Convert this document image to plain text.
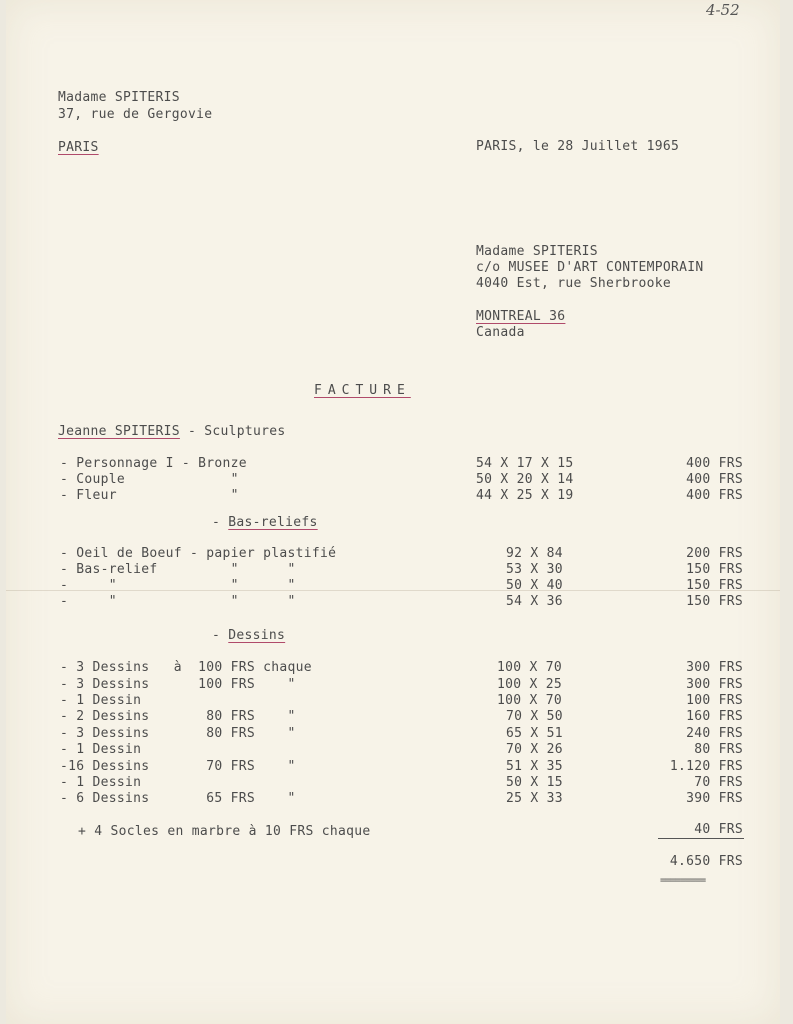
4-52
Madame SPITERIS
37, rue de Gergovie
PARIS	PARIS, le 28 Juillet 1965
Madame SPITERIS
c/o MUSEE D'ART CONTEMPORAIN
4040 Est, rue Sherbrooke
MONTREAL 36
Canada
FACTURE
Jeanne SPITERIS - Sculptures
- Personnage I - Bronze	54 X 17 X 15	400 FRS
- Couple             "	50 X 20 X 14	400 FRS
- Fleur              "	44 X 25 X 19	400 FRS
- Bas-reliefs
- Oeil de Boeuf - papier plastifié	92 X 84	200 FRS
- Bas-relief         "      "	53 X 30	150 FRS
-     "              "      "	50 X 40	150 FRS
-     "              "      "	54 X 36	150 FRS
- Dessins
- 3 Dessins   à  100 FRS chaque	100 X 70	300 FRS
- 3 Dessins      100 FRS    "	100 X 25	300 FRS
- 1 Dessin	100 X 70	100 FRS
- 2 Dessins       80 FRS    "	70 X 50	160 FRS
- 3 Dessins       80 FRS    "	65 X 51	240 FRS
- 1 Dessin	70 X 26	80 FRS
-16 Dessins       70 FRS    "	51 X 35	1.120 FRS
- 1 Dessin	50 X 15	70 FRS
- 6 Dessins       65 FRS    "	25 X 33	390 FRS
+ 4 Socles en marbre à 10 FRS chaque	40 FRS
4.650 FRS
=========
